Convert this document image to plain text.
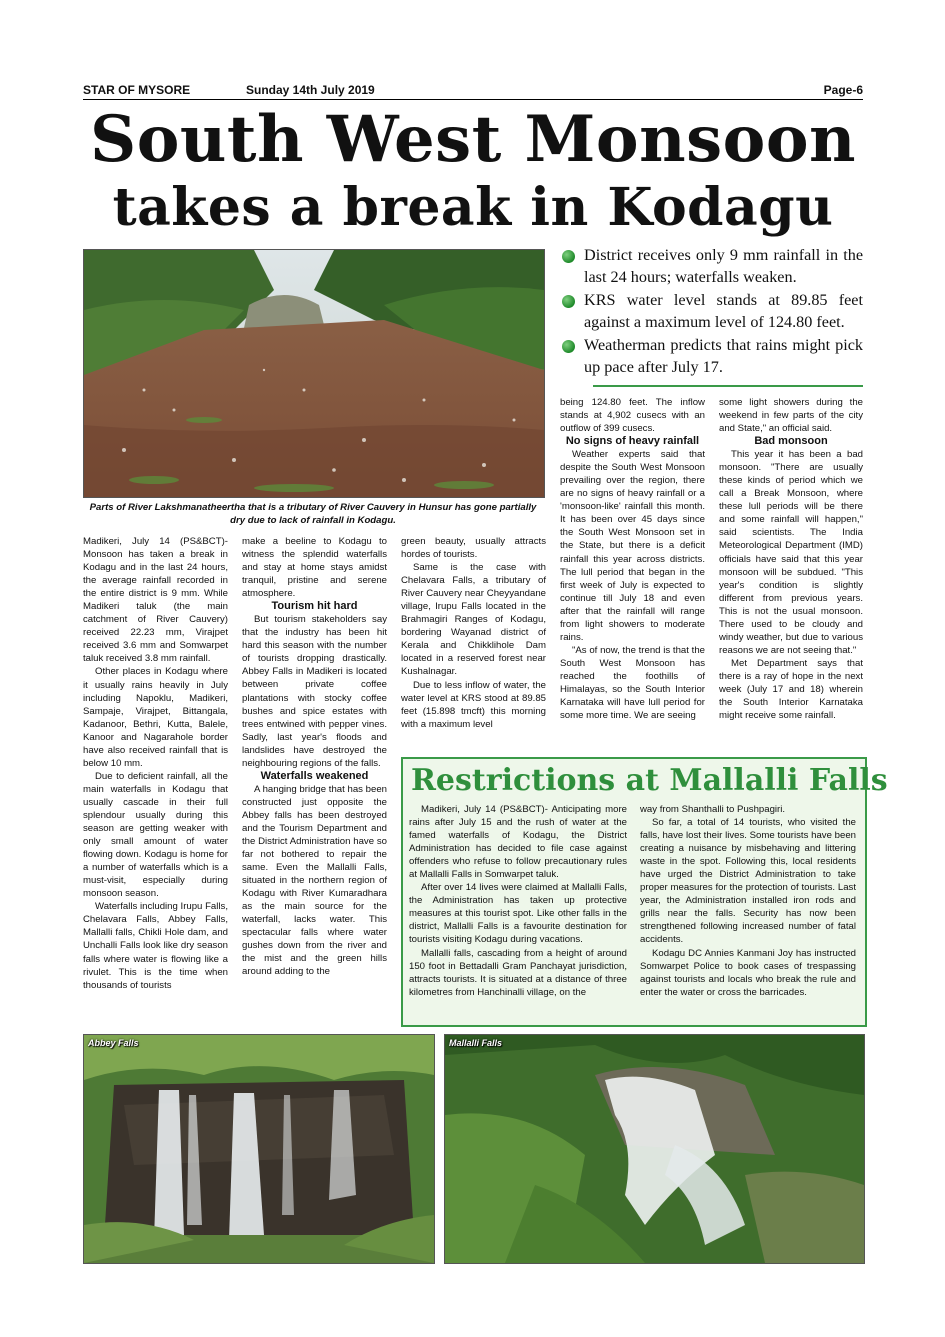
STAR OF MYSORE	Sunday 14th July 2019	Page-6
South West Monsoon
takes a break in Kodagu
Parts of River Lakshmanatheertha that is a tributary of River Cauvery in Hunsur has gone partially dry due to lack of rainfall in Kodagu.
District receives only 9 mm rainfall in the last 24 hours; waterfalls weaken.
KRS water level stands at 89.85 feet against a maximum level of 124.80 feet.
Weatherman predicts that rains might pick up pace after July 17.

Madikeri, July 14 (PS&BCT)- Monsoon has taken a break in Kodagu and in the last 24 hours, the average rainfall recorded in the entire district is 9 mm. While Madikeri taluk (the main catchment of River Cauvery) received 22.23 mm, Virajpet received 3.6 mm and Somwarpet taluk received 3.8 mm rainfall.

Other places in Kodagu where it usually rains heavily in July including Napoklu, Madikeri, Sampaje, Virajpet, Bittangala, Kadanoor, Bethri, Kutta, Balele, Kanoor and Nagarahole border have also received rainfall that is below 10 mm.

Due to deficient rainfall, all the main waterfalls in Kodagu that usually cascade in their full splendour usually during this season are getting weaker with only small amount of water flowing down. Kodagu is home for a number of waterfalls which is a must-visit, especially during monsoon season.

Waterfalls including Irupu Falls, Chelavara Falls, Abbey Falls, Mallalli falls, Chikli Hole dam, and Unchalli Falls look like dry season falls where water is flowing like a rivulet. This is the time when thousands of tourists

make a beeline to Kodagu to witness the splendid waterfalls and stay at home stays amidst tranquil, pristine and serene atmosphere.

Tourism hit hard

But tourism stakeholders say that the industry has been hit hard this season with the number of tourists dropping drastically. Abbey Falls in Madikeri is located between private coffee plantations with stocky coffee bushes and spice estates with trees entwined with pepper vines. Sadly, last year's floods and landslides have destroyed the neighbouring regions of the falls.

Waterfalls weakened

A hanging bridge that has been constructed just opposite the Abbey falls has been destroyed and the Tourism Department and the District Administration have so far not bothered to repair the same. Even the Mallalli Falls, situated in the northern region of Kodagu with River Kumaradhara as the main source for the waterfall, lacks water. This spectacular falls where water gushes down from the river and the mist and the green hills around adding to the

green beauty, usually attracts hordes of tourists.

Same is the case with Chelavara Falls, a tributary of River Cauvery near Cheyyandane village, Irupu Falls located in the Brahmagiri Ranges of Kodagu, bordering Wayanad district of Kerala and Chikklihole Dam located in a reserved forest near Kushalnagar.

Due to less inflow of water, the water level at KRS stood at 89.85 feet (15.898 tmcft) this morning with a maximum level

being 124.80 feet. The inflow stands at 4,902 cusecs with an outflow of 399 cusecs.

No signs of heavy rainfall

Weather experts said that despite the South West Monsoon prevailing over the region, there are no signs of heavy rainfall or a 'monsoon-like' rainfall this month. It has been over 45 days since the South West Monsoon set in the State, but there is a deficit rainfall this year across districts. The lull period that began in the first week of July is expected to continue till July 18 and even after that the rainfall will range from light showers to moderate rains.

"As of now, the trend is that the South West Monsoon has reached the foothills of Himalayas, so the South Interior Karnataka will have lull period for some more time. We are seeing

some light showers during the weekend in few parts of the city and State," an official said.

Bad monsoon

This year it has been a bad monsoon. "There are usually these kinds of period which we call a Break Monsoon, where these lull periods will be there and some rainfall will happen," said scientists. The India Meteorological Department (IMD) officials have said that this year monsoon will be subdued. "This year's condition is slightly different from previous years. This is not the usual monsoon. There used to be cloudy and windy weather, but due to various reasons we are not seeing that."

Met Department says that there is a ray of hope in the next week (July 17 and 18) wherein the South Interior Karnataka might receive some rainfall.

Restrictions at Mallalli Falls

Madikeri, July 14 (PS&BCT)- Anticipating more rains after July 15 and the rush of water at the famed waterfalls of Kodagu, the District Administration has decided to file case against offenders who refuse to follow precautionary rules at Mallalli Falls in Somwarpet taluk.

After over 14 lives were claimed at Mallalli Falls, the Administration has taken up protective measures at this tourist spot. Like other falls in the district, Mallalli Falls is a favourite destination for tourists visiting Kodagu during vacations.

Mallalli falls, cascading from a height of around 150 foot in Bettadalli Gram Panchayat jurisdiction, attracts tourists. It is situated at a distance of three kilometres from Hanchinalli village, on the

way from Shanthalli to Pushpagiri.

So far, a total of 14 tourists, who visited the falls, have lost their lives. Some tourists have been creating a nuisance by misbehaving and littering waste in the spot. Following this, local residents have urged the District Administration to take proper measures for the protection of tourists. Last year, the Administration installed iron rods and grills near the falls. Security has now been strengthened following increased number of fatal accidents.

Kodagu DC Annies Kanmani Joy has instructed Somwarpet Police to book cases of trespassing against tourists and locals who break the rule and enter the water or cross the barricades.

Abbey Falls	Mallalli Falls
